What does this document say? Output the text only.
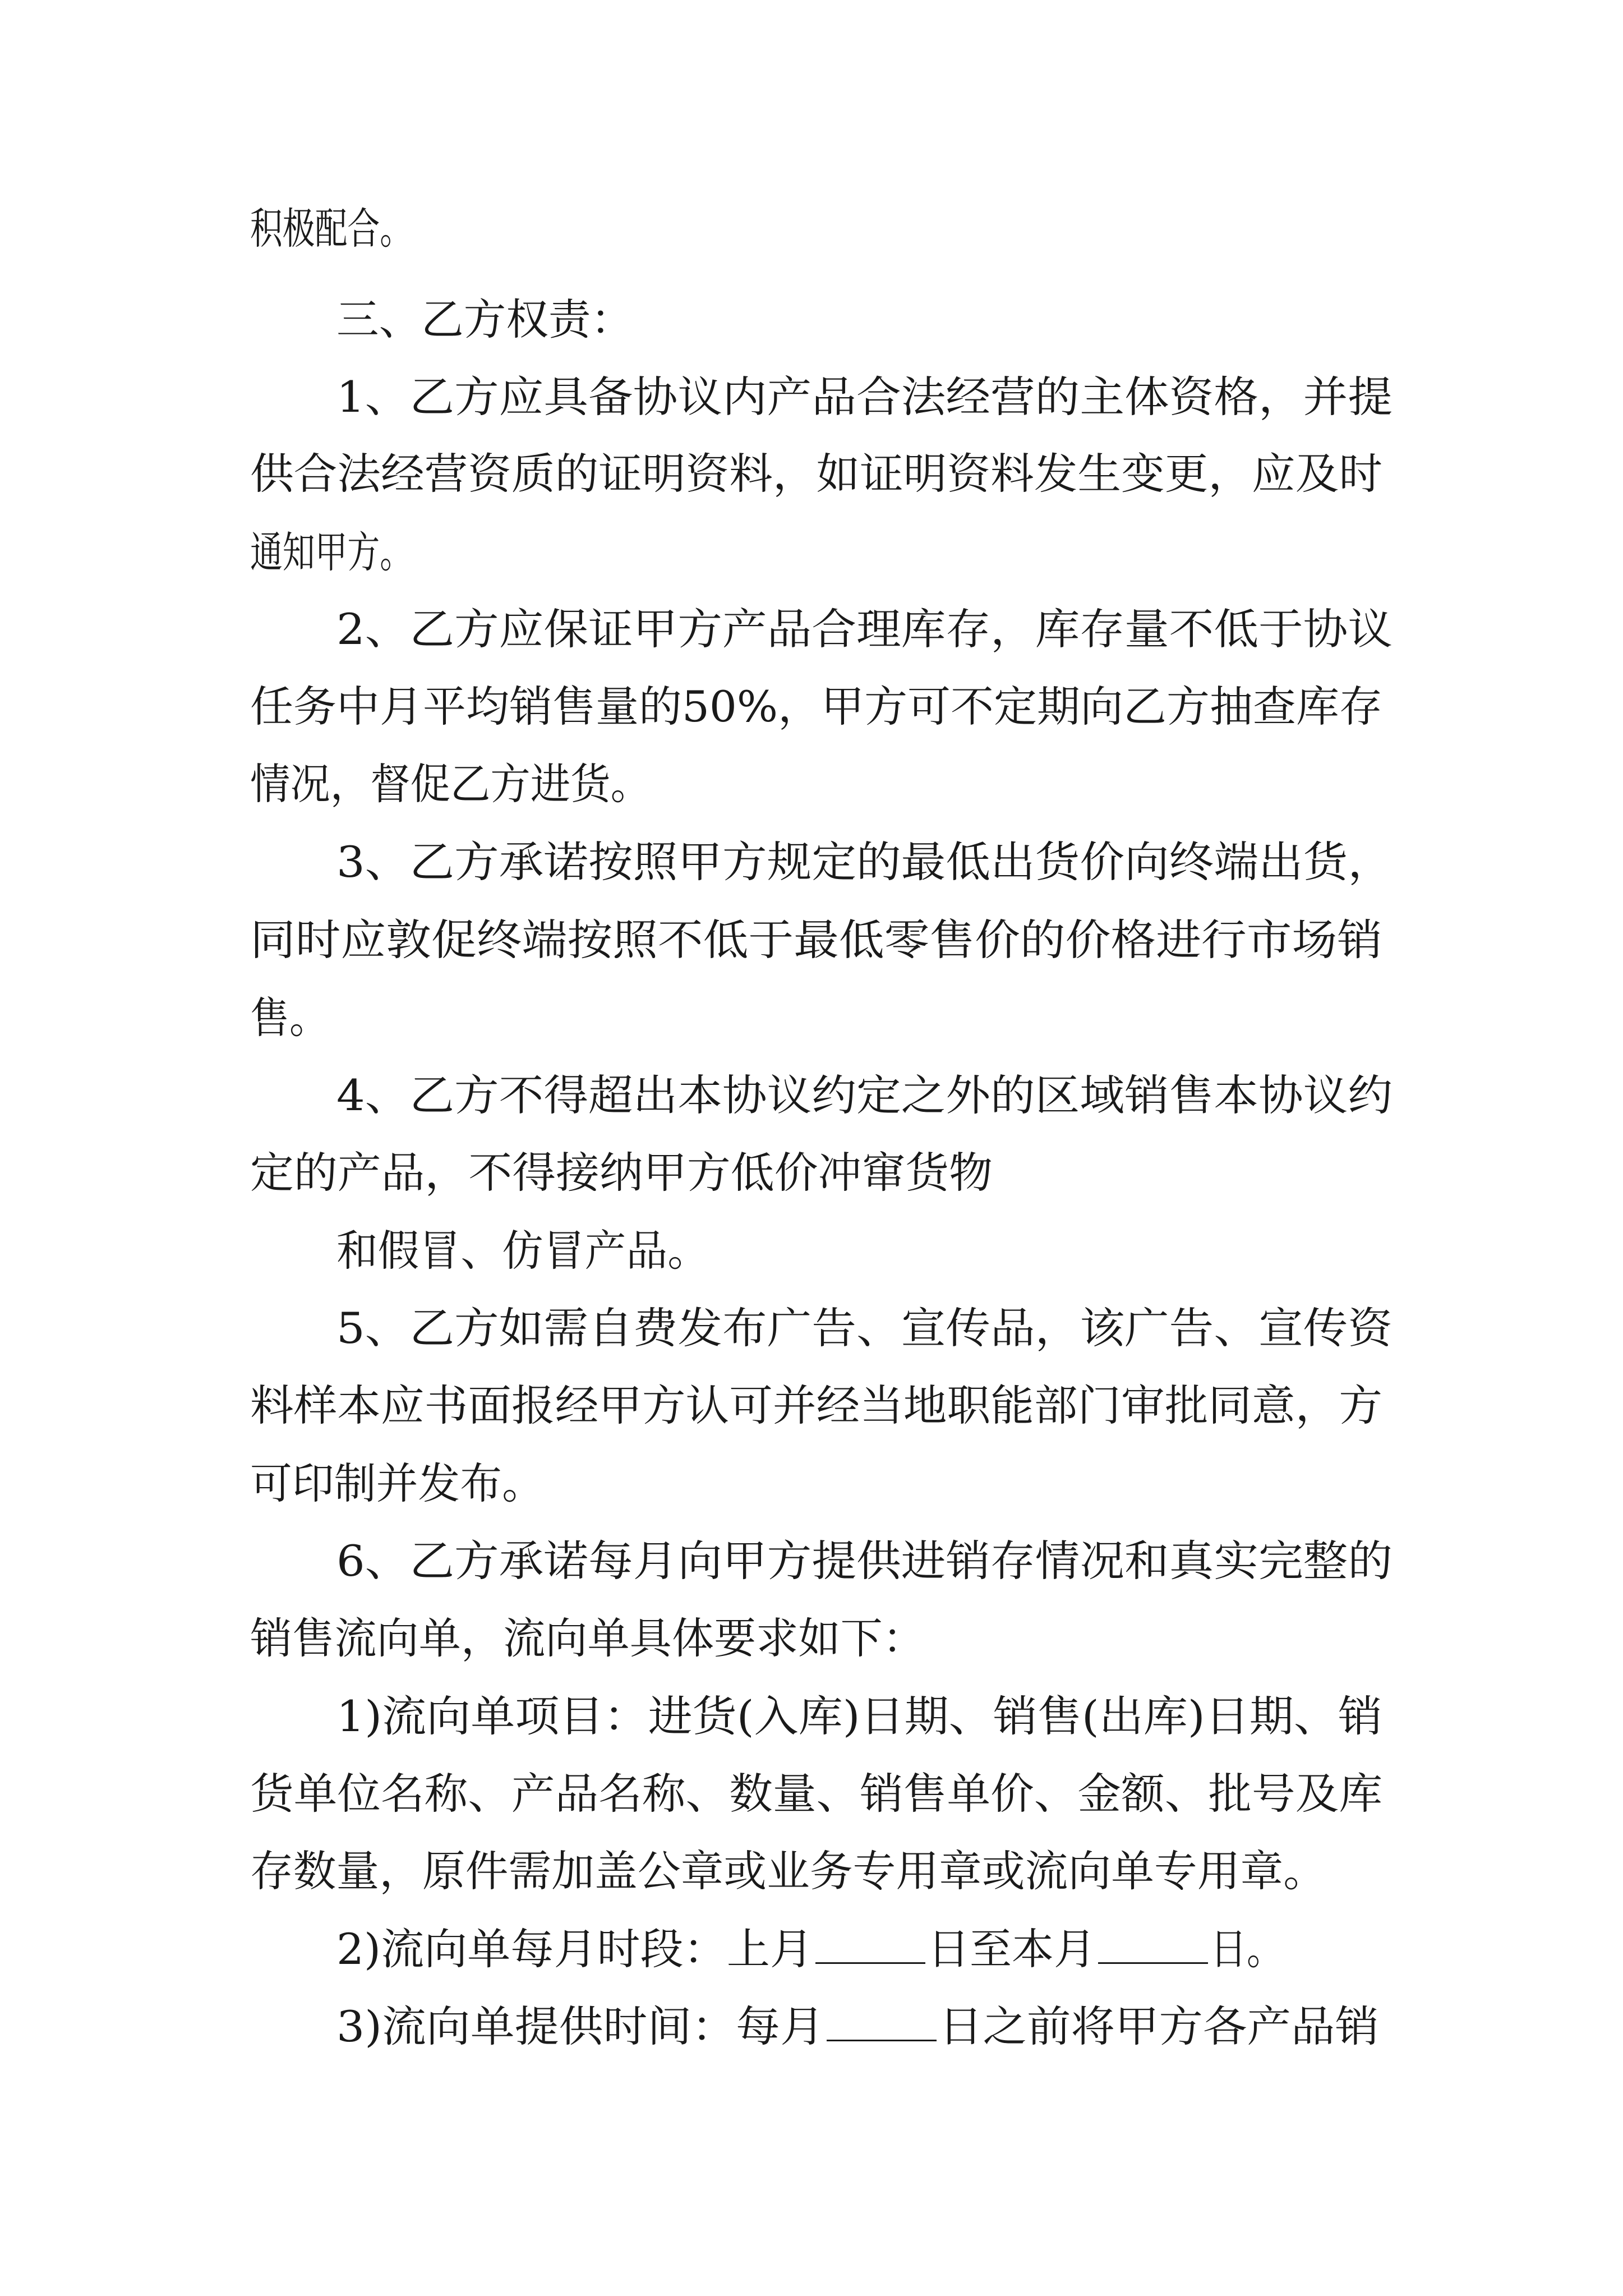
积极配合。
三、乙方权责：
1、乙方应具备协议内产品合法经营的主体资格，并提
供合法经营资质的证明资料，如证明资料发生变更，应及时
通知甲方。
2、乙方应保证甲方产品合理库存，库存量不低于协议
任务中月平均销售量的50%，甲方可不定期向乙方抽查库存
情况，督促乙方进货。
3、乙方承诺按照甲方规定的最低出货价向终端出货，
同时应敦促终端按照不低于最低零售价的价格进行市场销
售。
4、乙方不得超出本协议约定之外的区域销售本协议约
定的产品，不得接纳甲方低价冲窜货物
和假冒、仿冒产品。
5、乙方如需自费发布广告、宣传品，该广告、宣传资
料样本应书面报经甲方认可并经当地职能部门审批同意，方
可印制并发布。
6、乙方承诺每月向甲方提供进销存情况和真实完整的
销售流向单，流向单具体要求如下：
1)流向单项目：进货(入库)日期、销售(出库)日期、销
货单位名称、产品名称、数量、销售单价、金额、批号及库
存数量，原件需加盖公章或业务专用章或流向单专用章。
2)流向单每月时段：上月	日至本月	日。
3)流向单提供时间：每月	日之前将甲方各产品销
